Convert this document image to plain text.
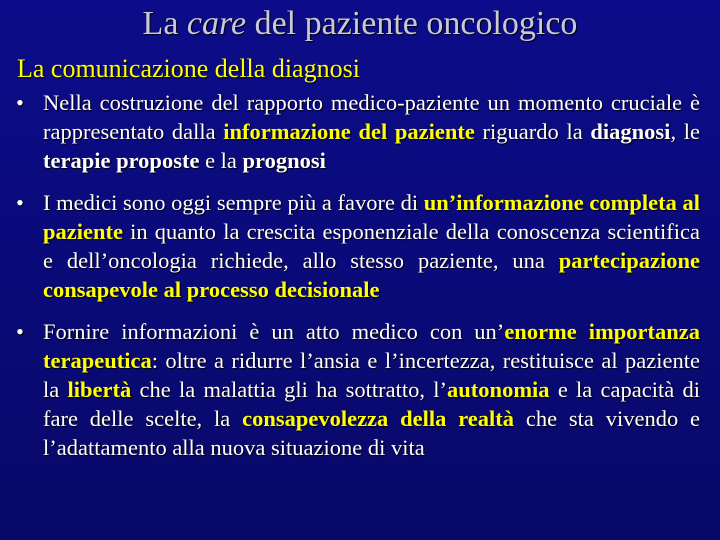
La care del paziente oncologico
La comunicazione della diagnosi
• Nella costruzione del rapporto medico-paziente un momento cruciale è rappresentato dalla informazione del paziente riguardo la diagnosi, le terapie proposte e la prognosi
• I medici sono oggi sempre più a favore di un’informazione completa al paziente in quanto la crescita esponenziale della conoscenza scientifica e dell’oncologia richiede, allo stesso paziente, una partecipazione consapevole al processo decisionale
• Fornire informazioni è un atto medico con un’enorme importanza terapeutica: oltre a ridurre l’ansia e l’incertezza, restituisce al paziente la libertà che la malattia gli ha sottratto, l’autonomia e la capacità di fare delle scelte, la consapevolezza della realtà che sta vivendo e l’adattamento alla nuova situazione di vita
